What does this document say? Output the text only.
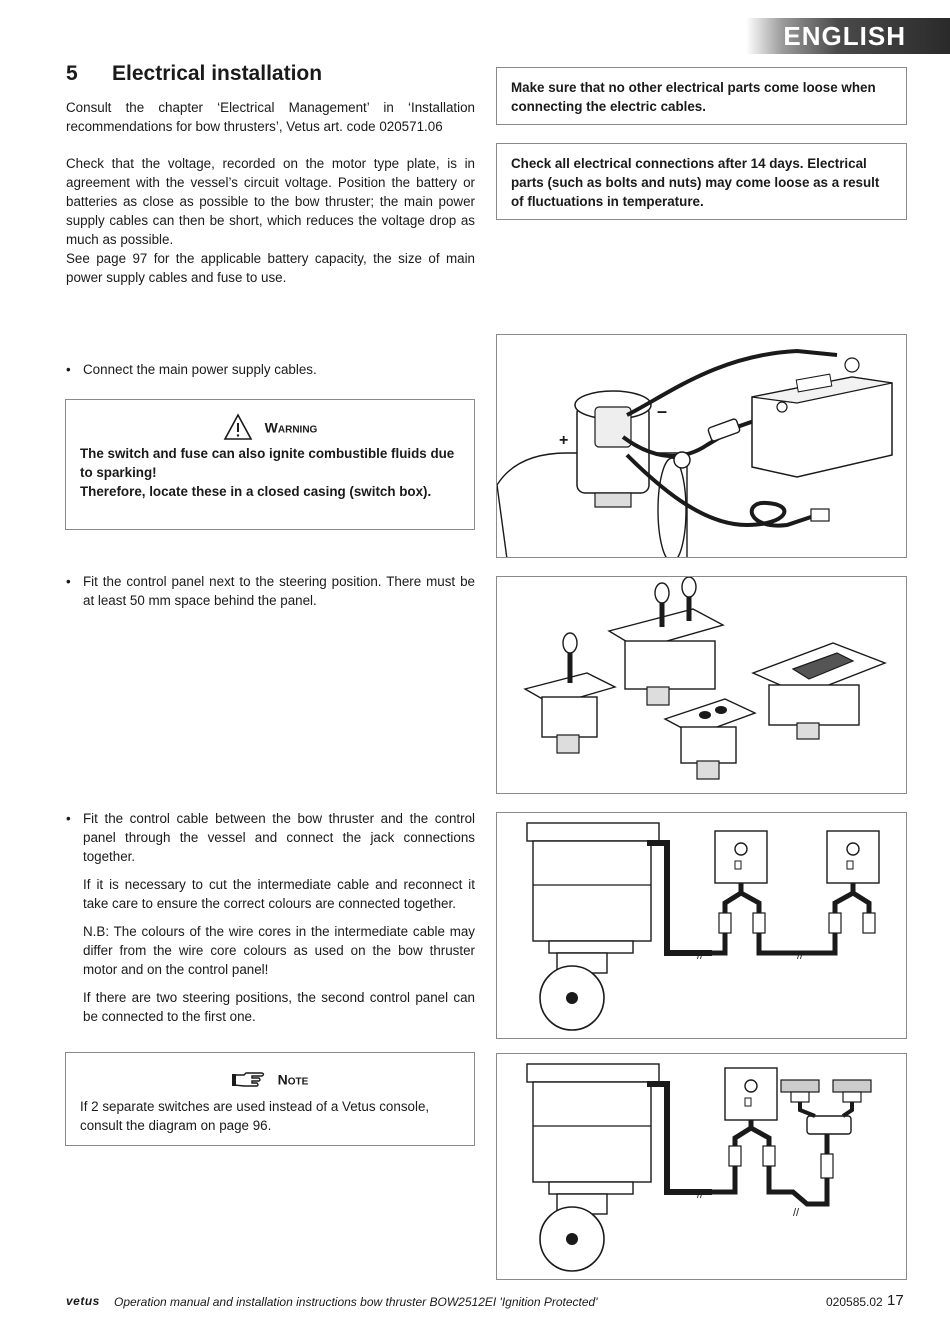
ENGLISH
5 Electrical installation
Consult the chapter ‘Electrical Management’ in ‘Installation recommendations for bow thrusters’, Vetus art. code 020571.06
Check that the voltage, recorded on the motor type plate, is in agreement with the vessel’s circuit voltage. Position the battery or batteries as close as possible to the bow thruster; the main power supply cables can then be short, which reduces the voltage drop as much as possible.
See page 97 for the applicable battery capacity, the size of main power supply cables and fuse to use.
Make sure that no other electrical parts come loose when connecting the electric cables.
Check all electrical connections after 14 days. Electrical parts (such as bolts and nuts) may come loose as a result of fluctuations in temperature.
• Connect the main power supply cables.
Warning
The switch and fuse can also ignite combustible fluids due to sparking!
Therefore, locate these in a closed casing (switch box).
• Fit the control panel next to the steering position. There must be at least 50 mm space behind the panel.
• Fit the control cable between the bow thruster and the control panel through the vessel and connect the jack connections together.

If it is necessary to cut the intermediate cable and reconnect it take care to ensure the correct colours are connected together.

N.B: The colours of the wire cores in the intermediate cable may differ from the wire core colours as used on the bow thruster motor and on the control panel!

If there are two steering positions, the second control panel can be connected to the first one.

Note
If 2 separate switches are used instead of a Vetus console, consult the diagram on page 96.
+
–
//	//
//
//
vetus Operation manual and installation instructions bow thruster BOW2512EI 'Ignition Protected'	020585.02 17
